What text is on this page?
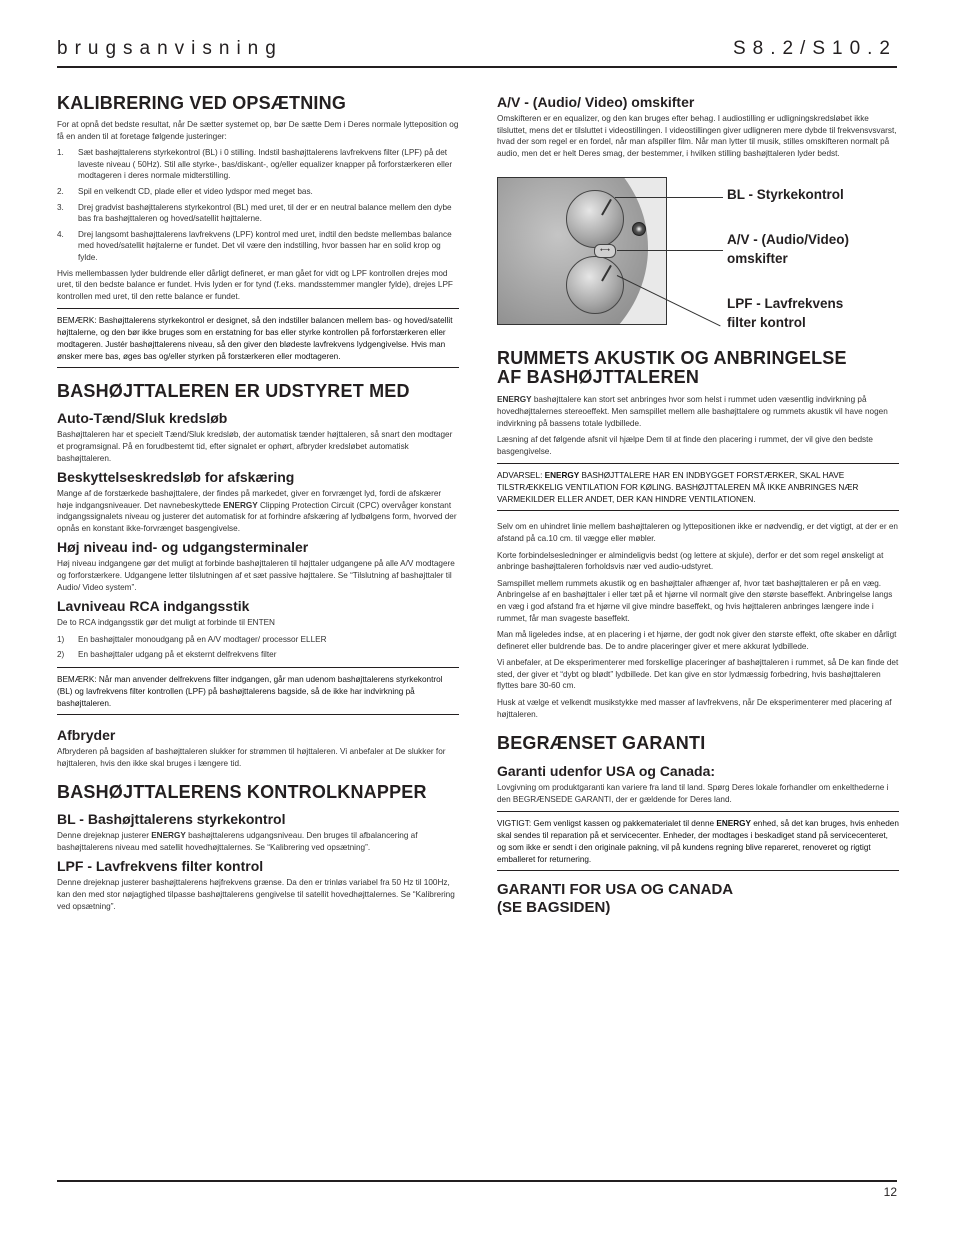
brugsanvisning	S8.2/S10.2
KALIBRERING VED OPSÆTNING

For at opnå det bedste resultat, når De sætter systemet op, bør De sætte Dem i Deres normale lytteposition og få en anden til at foretage følgende justeringer:

1. Sæt bashøjttalerens styrkekontrol (BL) i 0 stilling. Indstil bashøjttalerens lavfrekvens filter (LPF) på det laveste niveau ( 50Hz). Stil alle styrke-, bas/diskant-, og/eller equalizer knapper på forforstærkeren eller modtageren i deres normale midterstilling.
2. Spil en velkendt CD, plade eller et video lydspor med meget bas.
3. Drej gradvist bashøjttalerens styrkekontrol (BL) med uret, til der er en neutral balance mellem den dybe bas fra bashøjttaleren og hoved/satellit højttalerne.
4. Drej langsomt bashøjttalerens lavfrekvens (LPF) kontrol med uret, indtil den bedste mellembas balance med hoved/satellit højtalerne er fundet. Det vil være den indstilling, hvor bassen har en solid krop og fylde.

Hvis mellembassen lyder buldrende eller dårligt defineret, er man gået for vidt og LPF kontrollen drejes mod uret, til den bedste balance er fundet. Hvis lyden er for tynd (f.eks. mandsstemmer mangler fylde), drejes LPF kontrollen med uret, til den rette balance er fundet.

BEMÆRK: Bashøjttalerens styrkekontrol er designet, så den indstiller balancen mellem bas- og hoved/satellit højttalerne, og den bør ikke bruges som en erstatning for bas eller styrke kontrollen på forforstærkeren eller modtageren. Justér bashøjttalerens niveau, så den giver den blødeste lavfrekvens lydgengivelse. Hvis man ønsker mere bas, øges bas og/eller styrken på forstærkeren eller modtageren.

BASHØJTTALEREN ER UDSTYRET MED
Auto-Tænd/Sluk kredsløb

Bashøjttaleren har et specielt Tænd/Sluk kredsløb, der automatisk tænder højttaleren, så snart den modtager et programsignal. På en forudbestemt tid, efter signalet er ophørt, afbryder kredsløbet automatisk bashøjttaleren.

Beskyttelseskredsløb for afskæring

Mange af de forstærkede bashøjttalere, der findes på markedet, giver en forvrænget lyd, fordi de afskærer høje indgangsniveauer. Det navnebeskyttede ENERGY Clipping Protection Circuit (CPC) overvåger konstant indgangssignalets niveau og justerer det automatisk for at forhindre afskæring af lydbølgens form, hvorved der opnås en konstant ikke-forvrænget basgengivelse.

Høj niveau ind- og udgangsterminaler

Høj niveau indgangene gør det muligt at forbinde bashøjttaleren til højttaler udgangene på alle A/V modtagere og forforstærkere. Udgangene letter tilslutningen af et sæt passive højttalere. Se “Tilslutning af bashøjttaler til Audio/ Video system”.

Lavniveau RCA indgangsstik

De to RCA indgangsstik gør det muligt at forbinde til ENTEN

1) En bashøjttaler monoudgang på en A/V modtager/ processor ELLER
2) En bashøjttaler udgang på et eksternt delfrekvens filter

BEMÆRK: Når man anvender delfrekvens filter indgangen, går man udenom bashøjttalerens styrkekontrol (BL) og lavfrekvens filter kontrollen (LPF) på bashøjttalerens bagside, så de ikke har indvirkning på bashøjttaleren.

Afbryder

Afbryderen på bagsiden af bashøjttaleren slukker for strømmen til højttaleren. Vi anbefaler at De slukker for højttaleren, hvis den ikke skal bruges i længere tid.

BASHØJTTALERENS KONTROLKNAPPER
BL - Bashøjttalerens styrkekontrol

Denne drejeknap justerer ENERGY bashøjttalerens udgangsniveau. Den bruges til afbalancering af bashøjttalerens niveau med satellit hovedhøjttalernes. Se “Kalibrering ved opsætning”.

LPF - Lavfrekvens filter kontrol

Denne drejeknap justerer bashøjttalerens højfrekvens grænse. Da den er trinløs variabel fra 50 Hz til 100Hz, kan den med stor nøjagtighed tilpasse bashøjttalerens gengivelse til satellit hovedhøjttalernes. Se “Kalibrering ved opsætning”.

A/V - (Audio/ Video) omskifter

Omskifteren er en equalizer, og den kan bruges efter behag. I audiostilling er udligningskredsløbet ikke tilsluttet, mens det er tilsluttet i videostillingen. I videostillingen giver udligneren mere dybde til frekvensvsvarst, hvad der som regel er en fordel, når man afspiller film. Når man lytter til musik, stilles omskifteren normalt på audio, men det er helt Deres smag, der bestemmer, i hvilken stilling bashøjttaleren lyder bedst.

⟷
BL - Styrkekontrol
A/V - (Audio/Video)
omskifter
LPF - Lavfrekvens
filter kontrol
RUMMETS AKUSTIK OG ANBRINGELSE
AF BASHØJTTALEREN

ENERGY bashøjttalere kan stort set anbringes hvor som helst i rummet uden væsentlig indvirkning på hovedhøjttalernes stereoeffekt. Men samspillet mellem alle bashøjttalere og rummets akustik vil have nogen indvirkning på bassens totale lydbillede.

Læsning af det følgende afsnit vil hjælpe Dem til at finde den placering i rummet, der vil give den bedste basgengivelse.

ADVARSEL: ENERGY BASHØJTTALERE HAR EN INDBYGGET FORSTÆRKER, SKAL HAVE TILSTRÆKKELIG VENTILATION FOR KØLING. BASHØJTTALEREN MÅ IKKE ANBRINGES NÆR VARMEKILDER ELLER ANDET, DER KAN HINDRE VENTILATIONEN.

Selv om en uhindret linie mellem bashøjttaleren og lyttepositionen ikke er nødvendig, er det vigtigt, at der er en afstand på ca.10 cm. til vægge eller møbler.

Korte forbindelsesledninger er almindeligvis bedst (og lettere at skjule), derfor er det som regel ønskeligt at anbringe bashøjttaleren forholdsvis nær ved audio-udstyret.

Samspillet mellem rummets akustik og en bashøjttaler afhænger af, hvor tæt bashøjttaleren er på en væg. Anbringelse af en bashøjttaler i eller tæt på et hjørne vil normalt give den største baseffekt. Anbringelse langs en væg i god afstand fra et hjørne vil give mindre baseffekt, og hvis højttaleren anbringes længere inde i rummet, får man svageste baseffekt.

Man må ligeledes indse, at en placering i et hjørne, der godt nok giver den største effekt, ofte skaber en dårligt defineret eller buldrende bas. De to andre placeringer giver et mere akkurat lydbillede.

Vi anbefaler, at De eksperimenterer med forskellige placeringer af bashøjttaleren i rummet, så De kan finde det sted, der giver et “dybt og blødt” lydbillede. Det kan give en stor lydmæssig forbedring, hvis bashøjttaleren flyttes bare 30-60 cm.

Husk at vælge et velkendt musikstykke med masser af lavfrekvens, når De eksperimenterer med placering af højttaleren.

BEGRÆNSET GARANTI
Garanti udenfor USA og Canada:

Lovgivning om produktgaranti kan variere fra land til land. Spørg Deres lokale forhandler om enkelthederne i den BEGRÆNSEDE GARANTI, der er gældende for Deres land.

VIGTIGT: Gem venligst kassen og pakkematerialet til denne ENERGY enhed, så det kan bruges, hvis enheden skal sendes til reparation på et servicecenter. Enheder, der modtages i beskadiget stand på servicecenteret, og som ikke er sendt i den originale pakning, vil på kundens regning blive repareret, renoveret og rigtigt emballeret for returnering.

GARANTI FOR USA OG CANADA
(SE BAGSIDEN)
12
